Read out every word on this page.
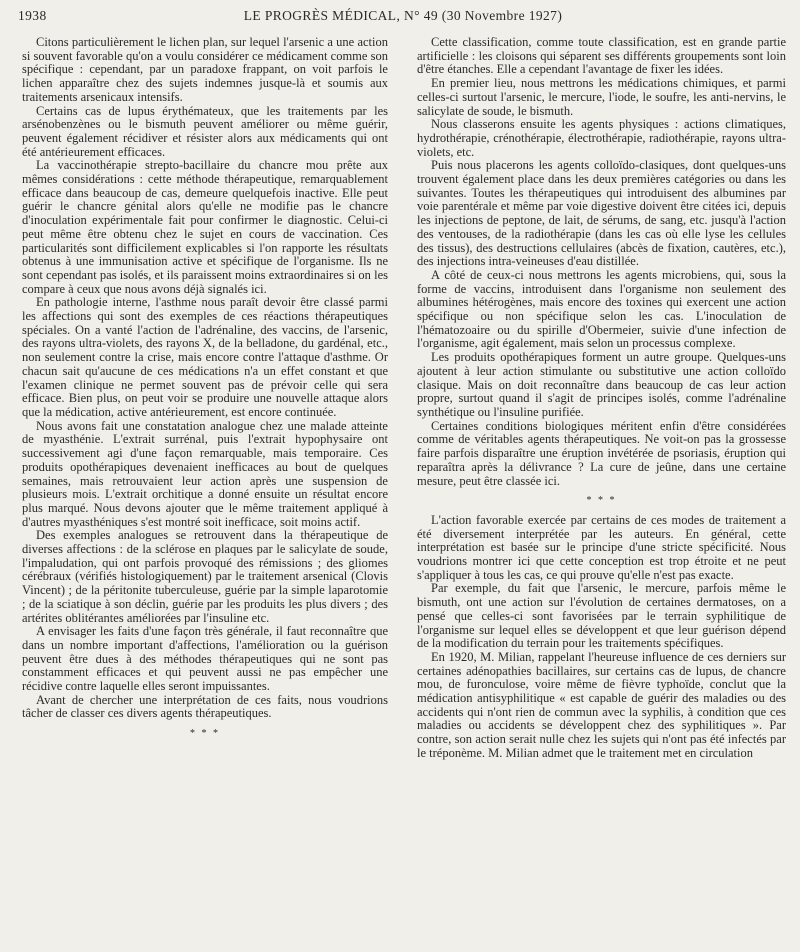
1938	LE PROGRÈS MÉDICAL, N° 49 (30 Novembre 1927)

Citons particulièrement le lichen plan, sur lequel l'arsenic a une action si souvent favorable qu'on a voulu considérer ce médicament comme son spécifique : cependant, par un paradoxe frappant, on voit parfois le lichen apparaître chez des sujets indemnes jusque-là et soumis aux traitements arsenicaux intensifs.

Certains cas de lupus érythémateux, que les traitements par les arsénobenzènes ou le bismuth peuvent améliorer ou même guérir, peuvent également récidiver et résister alors aux médicaments qui ont été antérieurement efficaces.

La vaccinothérapie strepto-bacillaire du chancre mou prête aux mêmes considérations : cette méthode thérapeutique, remarquablement efficace dans beaucoup de cas, demeure quelquefois inactive. Elle peut guérir le chancre génital alors qu'elle ne modifie pas le chancre d'inoculation expérimentale fait pour confirmer le diagnostic. Celui-ci peut même être obtenu chez le sujet en cours de vaccination. Ces particularités sont difficilement explicables si l'on rapporte les résultats obtenus à une immunisation active et spécifique de l'organisme. Ils ne sont cependant pas isolés, et ils paraissent moins extraordinaires si on les compare à ceux que nous avons déjà signalés ici.

En pathologie interne, l'asthme nous paraît devoir être classé parmi les affections qui sont des exemples de ces réactions thérapeutiques spéciales. On a vanté l'action de l'adrénaline, des vaccins, de l'arsenic, des rayons ultra-violets, des rayons X, de la belladone, du gardénal, etc., non seulement contre la crise, mais encore contre l'attaque d'asthme. Or chacun sait qu'aucune de ces médications n'a un effet constant et que l'examen clinique ne permet souvent pas de prévoir celle qui sera efficace. Bien plus, on peut voir se produire une nouvelle attaque alors que la médication, active antérieurement, est encore continuée.

Nous avons fait une constatation analogue chez une malade atteinte de myasthénie. L'extrait surrénal, puis l'extrait hypophysaire ont successivement agi d'une façon remarquable, mais temporaire. Ces produits opothérapiques devenaient inefficaces au bout de quelques semaines, mais retrouvaient leur action après une suspension de plusieurs mois. L'extrait orchitique a donné ensuite un résultat encore plus marqué. Nous devons ajouter que le même traitement appliqué à d'autres myasthéniques s'est montré soit inefficace, soit moins actif.

Des exemples analogues se retrouvent dans la thérapeutique de diverses affections : de la sclérose en plaques par le salicylate de soude, l'impaludation, qui ont parfois provoqué des rémissions ; des gliomes cérébraux (vérifiés histologiquement) par le traitement arsenical (Clovis Vincent) ; de la péritonite tuberculeuse, guérie par la simple laparotomie ; de la sciatique à son déclin, guérie par les produits les plus divers ; des artérites oblitérantes améliorées par l'insuline etc.

A envisager les faits d'une façon très générale, il faut reconnaître que dans un nombre important d'affections, l'amélioration ou la guérison peuvent être dues à des méthodes thérapeutiques qui ne sont pas constamment efficaces et qui peuvent aussi ne pas empêcher une récidive contre laquelle elles seront impuissantes.

Avant de chercher une interprétation de ces faits, nous voudrions tâcher de classer ces divers agents thérapeutiques.

* * *

Cette classification, comme toute classification, est en grande partie artificielle : les cloisons qui séparent ses différents groupements sont loin d'être étanches. Elle a cependant l'avantage de fixer les idées.

En premier lieu, nous mettrons les médications chimiques, et parmi celles-ci surtout l'arsenic, le mercure, l'iode, le soufre, les anti-nervins, le salicylate de soude, le bismuth.

Nous classerons ensuite les agents physiques : actions climatiques, hydrothérapie, crénothérapie, électrothérapie, radiothérapie, rayons ultra-violets, etc.

Puis nous placerons les agents colloïdo-clasiques, dont quelques-uns trouvent également place dans les deux premières catégories ou dans les suivantes. Toutes les thérapeutiques qui introduisent des albumines par voie parentérale et même par voie digestive doivent être citées ici, depuis les injections de peptone, de lait, de sérums, de sang, etc. jusqu'à l'action des ventouses, de la radiothérapie (dans les cas où elle lyse les cellules des tissus), des destructions cellulaires (abcès de fixation, cautères, etc.), des injections intra-veineuses d'eau distillée.

A côté de ceux-ci nous mettrons les agents microbiens, qui, sous la forme de vaccins, introduisent dans l'organisme non seulement des albumines hétérogènes, mais encore des toxines qui exercent une action spécifique ou non spécifique selon les cas. L'inoculation de l'hématozoaire ou du spirille d'Obermeier, suivie d'une infection de l'organisme, agit également, mais selon un processus complexe.

Les produits opothérapiques forment un autre groupe. Quelques-uns ajoutent à leur action stimulante ou substitutive une action colloïdo clasique. Mais on doit reconnaître dans beaucoup de cas leur action propre, surtout quand il s'agit de principes isolés, comme l'adrénaline synthétique ou l'insuline purifiée.

Certaines conditions biologiques méritent enfin d'être considérées comme de véritables agents thérapeutiques. Ne voit-on pas la grossesse faire parfois disparaître une éruption invétérée de psoriasis, éruption qui reparaîtra après la délivrance ? La cure de jeûne, dans une certaine mesure, peut être classée ici.

* * *

L'action favorable exercée par certains de ces modes de traitement a été diversement interprétée par les auteurs. En général, cette interprétation est basée sur le principe d'une stricte spécificité. Nous voudrions montrer ici que cette conception est trop étroite et ne peut s'appliquer à tous les cas, ce qui prouve qu'elle n'est pas exacte.

Par exemple, du fait que l'arsenic, le mercure, parfois même le bismuth, ont une action sur l'évolution de certaines dermatoses, on a pensé que celles-ci sont favorisées par le terrain syphilitique de l'organisme sur lequel elles se développent et que leur guérison dépend de la modification du terrain pour les traitements spécifiques.

En 1920, M. Milian, rappelant l'heureuse influence de ces derniers sur certaines adénopathies bacillaires, sur certains cas de lupus, de chancre mou, de furonculose, voire même de fièvre typhoïde, conclut que la médication antisyphilitique « est capable de guérir des maladies ou des accidents qui n'ont rien de commun avec la syphilis, à condition que ces maladies ou accidents se développent chez des syphilitiques ». Par contre, son action serait nulle chez les sujets qui n'ont pas été infectés par le tréponème. M. Milian admet que le traitement met en circulation
